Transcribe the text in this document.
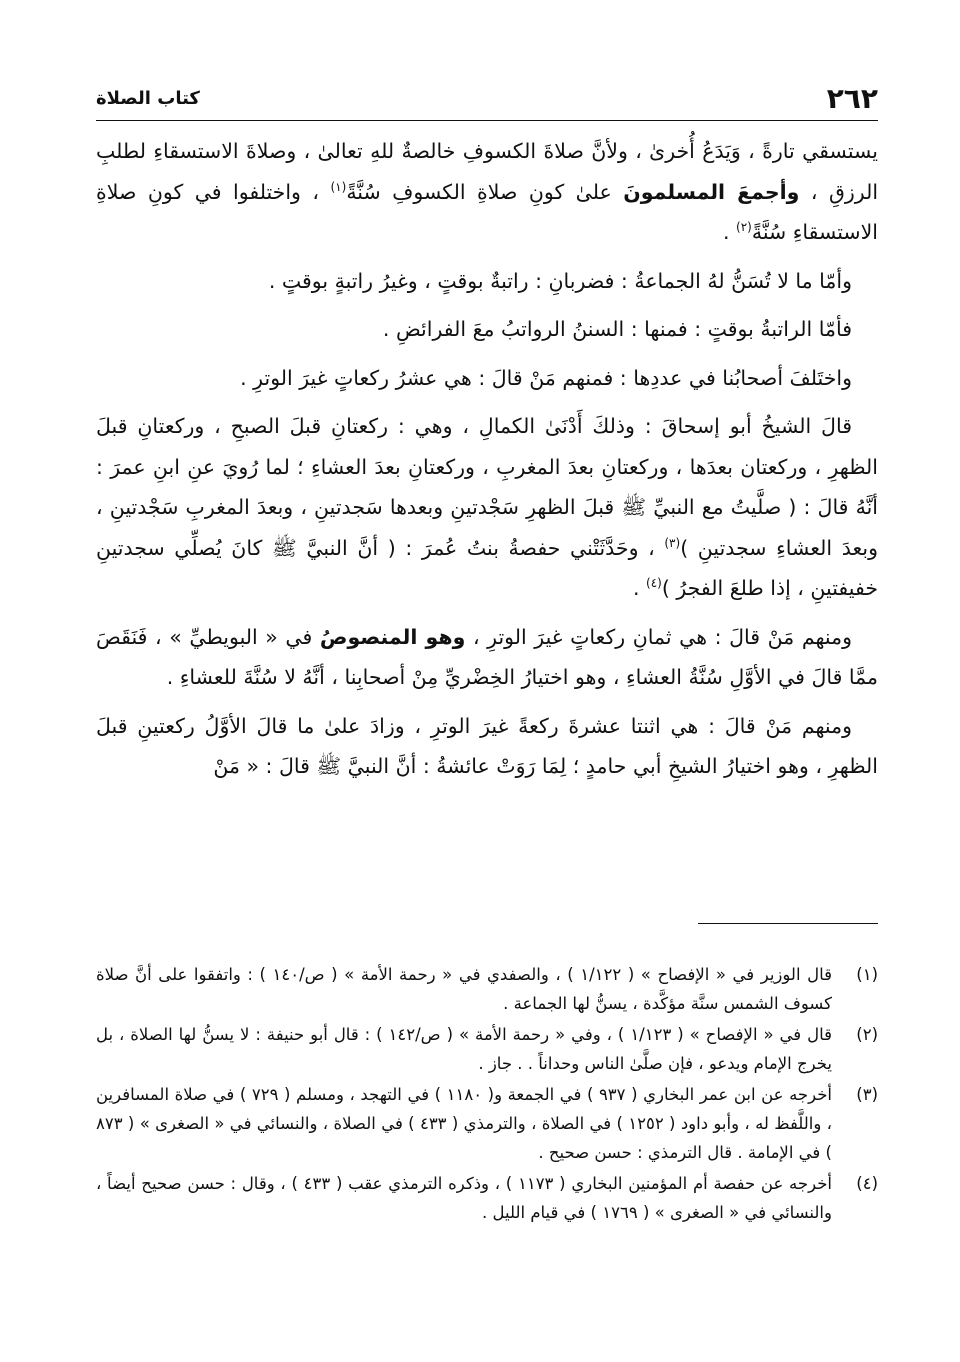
٢٦٢
كتاب الصلاة

يستسقي تارةً ، وَيَدَعُ أُخرىٰ ، ولأنَّ صلاةَ الكسوفِ خالصةٌ للهِ تعالىٰ ، وصلاةَ الاستسقاءِ لطلبِ الرزقِ ، وأجمعَ المسلمونَ علىٰ كونِ صلاةِ الكسوفِ سُنَّةً$^{(١)}$ ، واختلفوا في كونِ صلاةِ الاستسقاءِ سُنَّةً$^{(٢)}$ .

وأمّا ما لا تُسَنُّ لهُ الجماعةُ : فضربانِ : راتبةٌ بوقتٍ ، وغيرُ راتبةٍ بوقتٍ .

فأمّا الراتبةُ بوقتٍ : فمنها : السننُ الرواتبُ معَ الفرائضِ .

واختَلفَ أصحابُنا في عددِها : فمنهم مَنْ قالَ : هي عشرُ ركعاتٍ غيرَ الوترِ .

قالَ الشيخُ أبو إسحاقَ : وذلكَ أَدْنَىٰ الكمالِ ، وهي : ركعتانِ قبلَ الصبحِ ، وركعتانِ قبلَ الظهرِ ، وركعتان بعدَها ، وركعتانِ بعدَ المغربِ ، وركعتانِ بعدَ العشاءِ ؛ لما رُويَ عنِ ابنِ عمرَ : أنَّهُ قالَ : ( صلَّيتُ مع النبيِّ ﷺ قبلَ الظهرِ سَجْدتينِ وبعدها سَجدتينِ ، وبعدَ المغربِ سَجْدتينِ ، وبعدَ العشاءِ سجدتينِ )$^{(٣)}$ ، وحَدَّثَتْني حفصةُ بنتُ عُمرَ : ( أنَّ النبيَّ ﷺ كانَ يُصلِّي سجدتينِ خفيفتينِ ، إذا طلعَ الفجرُ )$^{(٤)}$ .

ومنهم مَنْ قالَ : هي ثمانِ ركعاتٍ غيرَ الوترِ ، وهو المنصوصُ في « البويطيِّ » ، فَنَقَصَ ممَّا قالَ في الأوَّلِ سُنَّةُ العشاءِ ، وهو اختيارُ الخِضْريِّ مِنْ أصحابِنا ، أنَّهُ لا سُنَّةَ للعشاءِ .

ومنهم مَنْ قالَ : هي اثنتا عشرةَ ركعةً غيرَ الوترِ ، وزادَ علىٰ ما قالَ الأوَّلُ ركعتينِ قبلَ الظهرِ ، وهو اختيارُ الشيخِ أبي حامدٍ ؛ لِمَا رَوَتْ عائشةُ : أنَّ النبيَّ ﷺ قالَ : « مَنْ

(١)
قال الوزير في « الإفصاح » ( ١/١٢٢ ) ، والصفدي في « رحمة الأمة » ( ص/١٤٠ ) : واتفقوا على أنَّ صلاة كسوف الشمس سنَّة مؤكَّدة ، يسنُّ لها الجماعة .
(٢)
قال في « الإفصاح » ( ١/١٢٣ ) ، وفي « رحمة الأمة » ( ص/١٤٢ ) : قال أبو حنيفة : لا يسنُّ لها الصلاة ، بل يخرج الإمام ويدعو ، فإن صلَّىٰ الناس وحداناً . . جاز .
(٣)
أخرجه عن ابن عمر البخاري ( ٩٣٧ ) في الجمعة و( ١١٨٠ ) في التهجد ، ومسلم ( ٧٢٩ ) في صلاة المسافرين ، واللَّفظ له ، وأبو داود ( ١٢٥٢ ) في الصلاة ، والترمذي ( ٤٣٣ ) في الصلاة ، والنسائي في « الصغرى » ( ٨٧٣ ) في الإمامة . قال الترمذي : حسن صحيح .
(٤)
أخرجه عن حفصة أم المؤمنين البخاري ( ١١٧٣ ) ، وذكره الترمذي عقب ( ٤٣٣ ) ، وقال : حسن صحيح أيضاً ، والنسائي في « الصغرى » ( ١٧٦٩ ) في قيام الليل .
